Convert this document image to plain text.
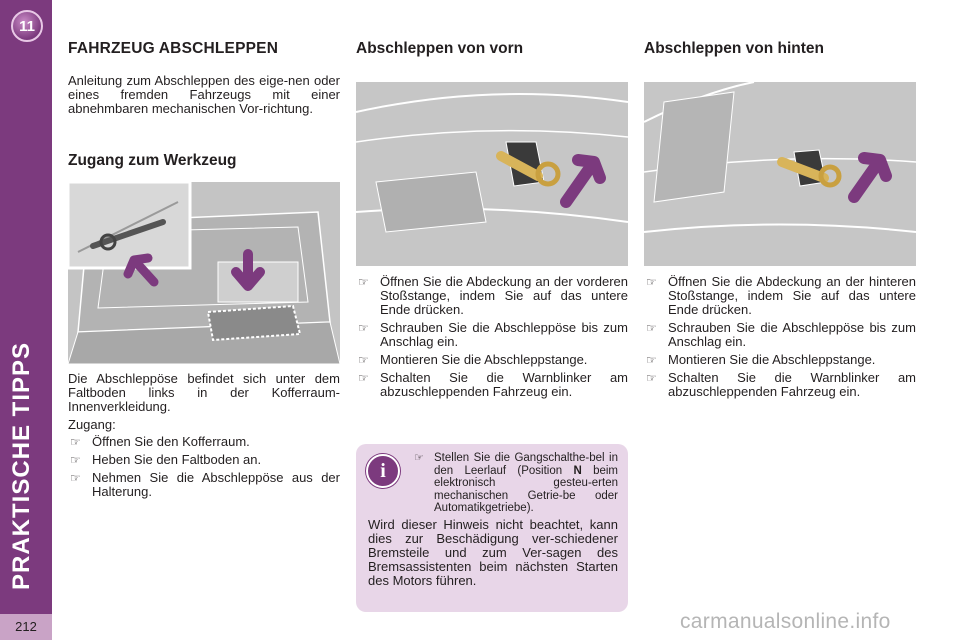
11
PRAKTISCHE TIPPS
212
FAHRZEUG ABSCHLEPPEN

Anleitung zum Abschleppen des eige-nen oder eines fremden Fahrzeugs mit einer abnehmbaren mechanischen Vor-richtung.

Zugang zum Werkzeug

Die Abschleppöse befindet sich unter dem Faltboden links in der Kofferraum-Innenverkleidung.

Zugang:

☞ Öffnen Sie den Kofferraum.
☞ Heben Sie den Faltboden an.
☞ Nehmen Sie die Abschleppöse aus der Halterung.
Abschleppen von vorn
☞ Öffnen Sie die Abdeckung an der vorderen Stoßstange, indem Sie auf das untere Ende drücken.
☞ Schrauben Sie die Abschleppöse bis zum Anschlag ein.
☞ Montieren Sie die Abschleppstange.
☞ Schalten Sie die Warnblinker am abzuschleppenden Fahrzeug ein.
Abschleppen von hinten
☞ Öffnen Sie die Abdeckung an der hinteren Stoßstange, indem Sie auf das untere Ende drücken.
☞ Schrauben Sie die Abschleppöse bis zum Anschlag ein.
☞ Montieren Sie die Abschleppstange.
☞ Schalten Sie die Warnblinker am abzuschleppenden Fahrzeug ein.
i
☞ Stellen Sie die Gangschalthe-bel in den Leerlauf (Position N beim elektronisch gesteu-erten mechanischen Getrie-be oder Automatikgetriebe).

Wird dieser Hinweis nicht beachtet, kann dies zur Beschädigung ver-schiedener Bremsteile und zum Ver-sagen des Bremsassistenten beim nächsten Starten des Motors führen.

carmanualsonline.info
